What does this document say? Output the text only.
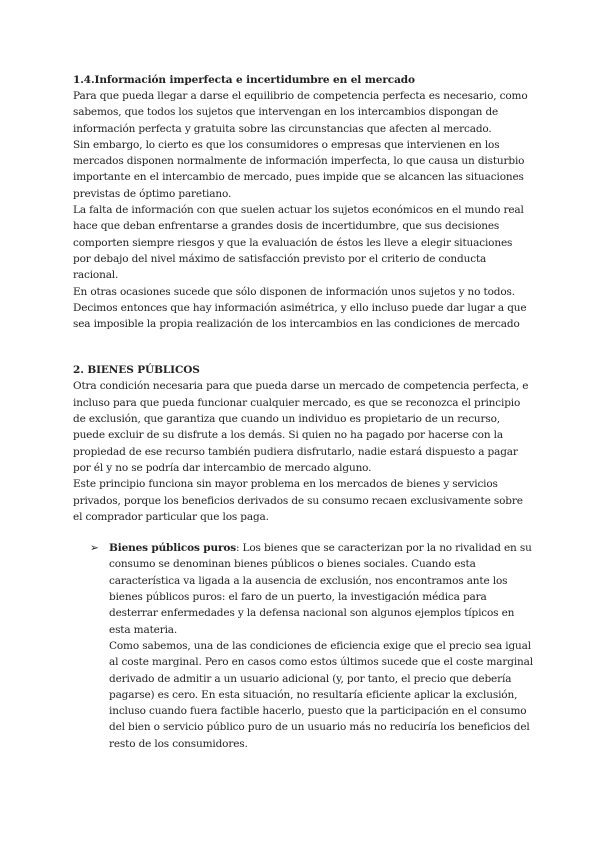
1.4.Información imperfecta e incertidumbre en el mercado

Para que pueda llegar a darse el equilibrio de competencia perfecta es necesario, como sabemos, que todos los sujetos que intervengan en los intercambios dispongan de información perfecta y gratuita sobre las circunstancias que afecten al mercado.

Sin embargo, lo cierto es que los consumidores o empresas que intervienen en los mercados disponen normalmente de información imperfecta, lo que causa un disturbio importante en el intercambio de mercado, pues impide que se alcancen las situaciones previstas de óptimo paretiano.

La falta de información con que suelen actuar los sujetos económicos en el mundo real hace que deban enfrentarse a grandes dosis de incertidumbre, que sus decisiones comporten siempre riesgos y que la evaluación de éstos les lleve a elegir situaciones por debajo del nivel máximo de satisfacción previsto por el criterio de conducta racional.

En otras ocasiones sucede que sólo disponen de información unos sujetos y no todos. Decimos entonces que hay información asimétrica, y ello incluso puede dar lugar a que sea imposible la propia realización de los intercambios en las condiciones de mercado

2. BIENES PÚBLICOS

Otra condición necesaria para que pueda darse un mercado de competencia perfecta, e incluso para que pueda funcionar cualquier mercado, es que se reconozca el principio de exclusión, que garantiza que cuando un individuo es propietario de un recurso, puede excluir de su disfrute a los demás. Si quien no ha pagado por hacerse con la propiedad de ese recurso también pudiera disfrutarlo, nadie estará dispuesto a pagar por él y no se podría dar intercambio de mercado alguno.

Este principio funciona sin mayor problema en los mercados de bienes y servicios privados, porque los beneficios derivados de su consumo recaen exclusivamente sobre el comprador particular que los paga.

➢ Bienes públicos puros: Los bienes que se caracterizan por la no rivalidad en su consumo se denominan bienes públicos o bienes sociales. Cuando esta característica va ligada a la ausencia de exclusión, nos encontramos ante los bienes públicos puros: el faro de un puerto, la investigación médica para desterrar enfermedades y la defensa nacional son algunos ejemplos típicos en esta materia.

Como sabemos, una de las condiciones de eficiencia exige que el precio sea igual al coste marginal. Pero en casos como estos últimos sucede que el coste marginal derivado de admitir a un usuario adicional (y, por tanto, el precio que debería pagarse) es cero. En esta situación, no resultaría eficiente aplicar la exclusión, incluso cuando fuera factible hacerlo, puesto que la participación en el consumo del bien o servicio público puro de un usuario más no reduciría los beneficios del resto de los consumidores.
